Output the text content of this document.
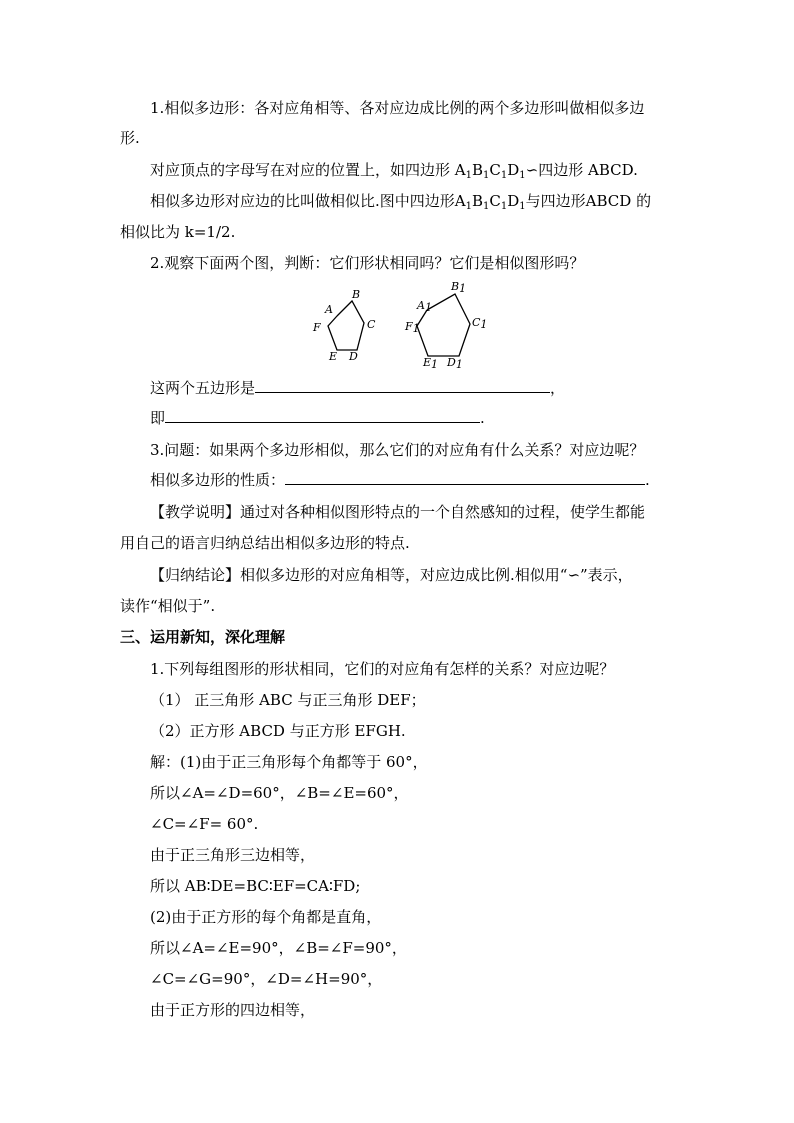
1.相似多边形：各对应角相等、各对应边成比例的两个多边形叫做相似多边
形.
对应顶点的字母写在对应的位置上，如四边形 $A_1B_1C_1D_1∽$四边形 ABCD.
相似多边形对应边的比叫做相似比.图中四边形$A_1B_1C_1D_1$与四边形ABCD 的
相似比为 k=1/2.
2.观察下面两个图，判断：它们形状相同吗？它们是相似图形吗？
A
B
C
D
E
F
A1
B1
C1
D1
E1
F1
这两个五边形是	，
即	.
3.问题：如果两个多边形相似，那么它们的对应角有什么关系？对应边呢？
相似多边形的性质：	.
【教学说明】通过对各种相似图形特点的一个自然感知的过程，使学生都能
用自己的语言归纳总结出相似多边形的特点.
【归纳结论】相似多边形的对应角相等，对应边成比例.相似用“∽”表示，
读作“相似于”.
三、运用新知，深化理解
1.下列每组图形的形状相同，它们的对应角有怎样的关系？对应边呢？
（1） 正三角形 ABC 与正三角形 DEF；
（2）正方形 ABCD 与正方形 EFGH.
解：(1)由于正三角形每个角都等于 60°，
所以∠A=∠D=60°，∠B=∠E=60°，
∠C=∠F= 60°.
由于正三角形三边相等，
所以 AB∶DE=BC∶EF=CA∶FD;
(2)由于正方形的每个角都是直角，
所以∠A=∠E=90°，∠B=∠F=90°，
∠C=∠G=90°，∠D=∠H=90°，
由于正方形的四边相等，
